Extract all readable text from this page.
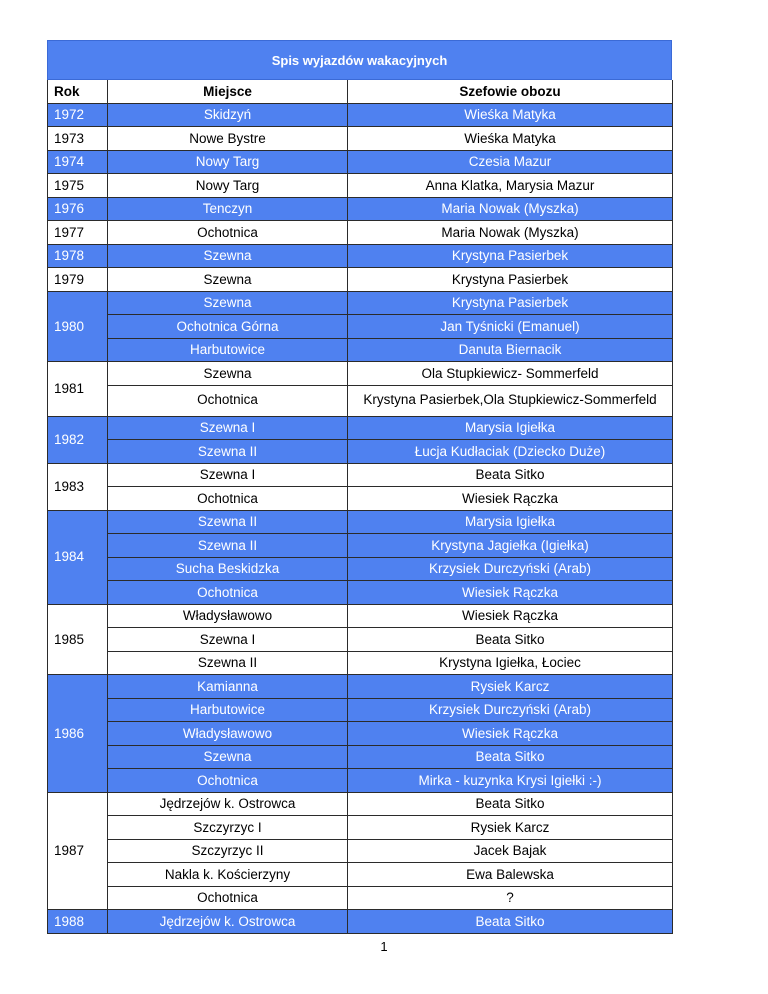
Spis wyjazdów wakacyjnych
Rok	Miejsce	Szefowie obozu
1972	Skidzyń	Wieśka Matyka
1973	Nowe Bystre	Wieśka Matyka
1974	Nowy Targ	Czesia Mazur
1975	Nowy Targ	Anna Klatka, Marysia Mazur
1976	Tenczyn	Maria Nowak (Myszka)
1977	Ochotnica	Maria Nowak (Myszka)
1978	Szewna	Krystyna Pasierbek
1979	Szewna	Krystyna Pasierbek
1980	Szewna	Krystyna Pasierbek
	Ochotnica Górna	Jan Tyśnicki (Emanuel)
	Harbutowice	Danuta Biernacik
1981	Szewna	Ola Stupkiewicz- Sommerfeld
	Ochotnica	Krystyna Pasierbek,Ola Stupkiewicz-Sommerfeld
1982	Szewna I	Marysia Igiełka
	Szewna II	Łucja Kudłaciak (Dziecko Duże)
1983	Szewna I	Beata Sitko
	Ochotnica	Wiesiek Rączka
1984	Szewna II	Marysia Igiełka
	Szewna II	Krystyna Jagiełka (Igiełka)
	Sucha Beskidzka	Krzysiek Durczyński (Arab)
	Ochotnica	Wiesiek Rączka
1985	Władysławowo	Wiesiek Rączka
	Szewna I	Beata Sitko
	Szewna II	Krystyna Igiełka, Łociec
1986	Kamianna	Rysiek Karcz
	Harbutowice	Krzysiek Durczyński (Arab)
	Władysławowo	Wiesiek Rączka
	Szewna	Beata Sitko
	Ochotnica	Mirka - kuzynka Krysi Igiełki :-)
1987	Jędrzejów k. Ostrowca	Beata Sitko
	Szczyrzyc I	Rysiek Karcz
	Szczyrzyc II	Jacek Bajak
	Nakla k. Kościerzyny	Ewa Balewska
	Ochotnica	?
1988	Jędrzejów k. Ostrowca	Beata Sitko
1
